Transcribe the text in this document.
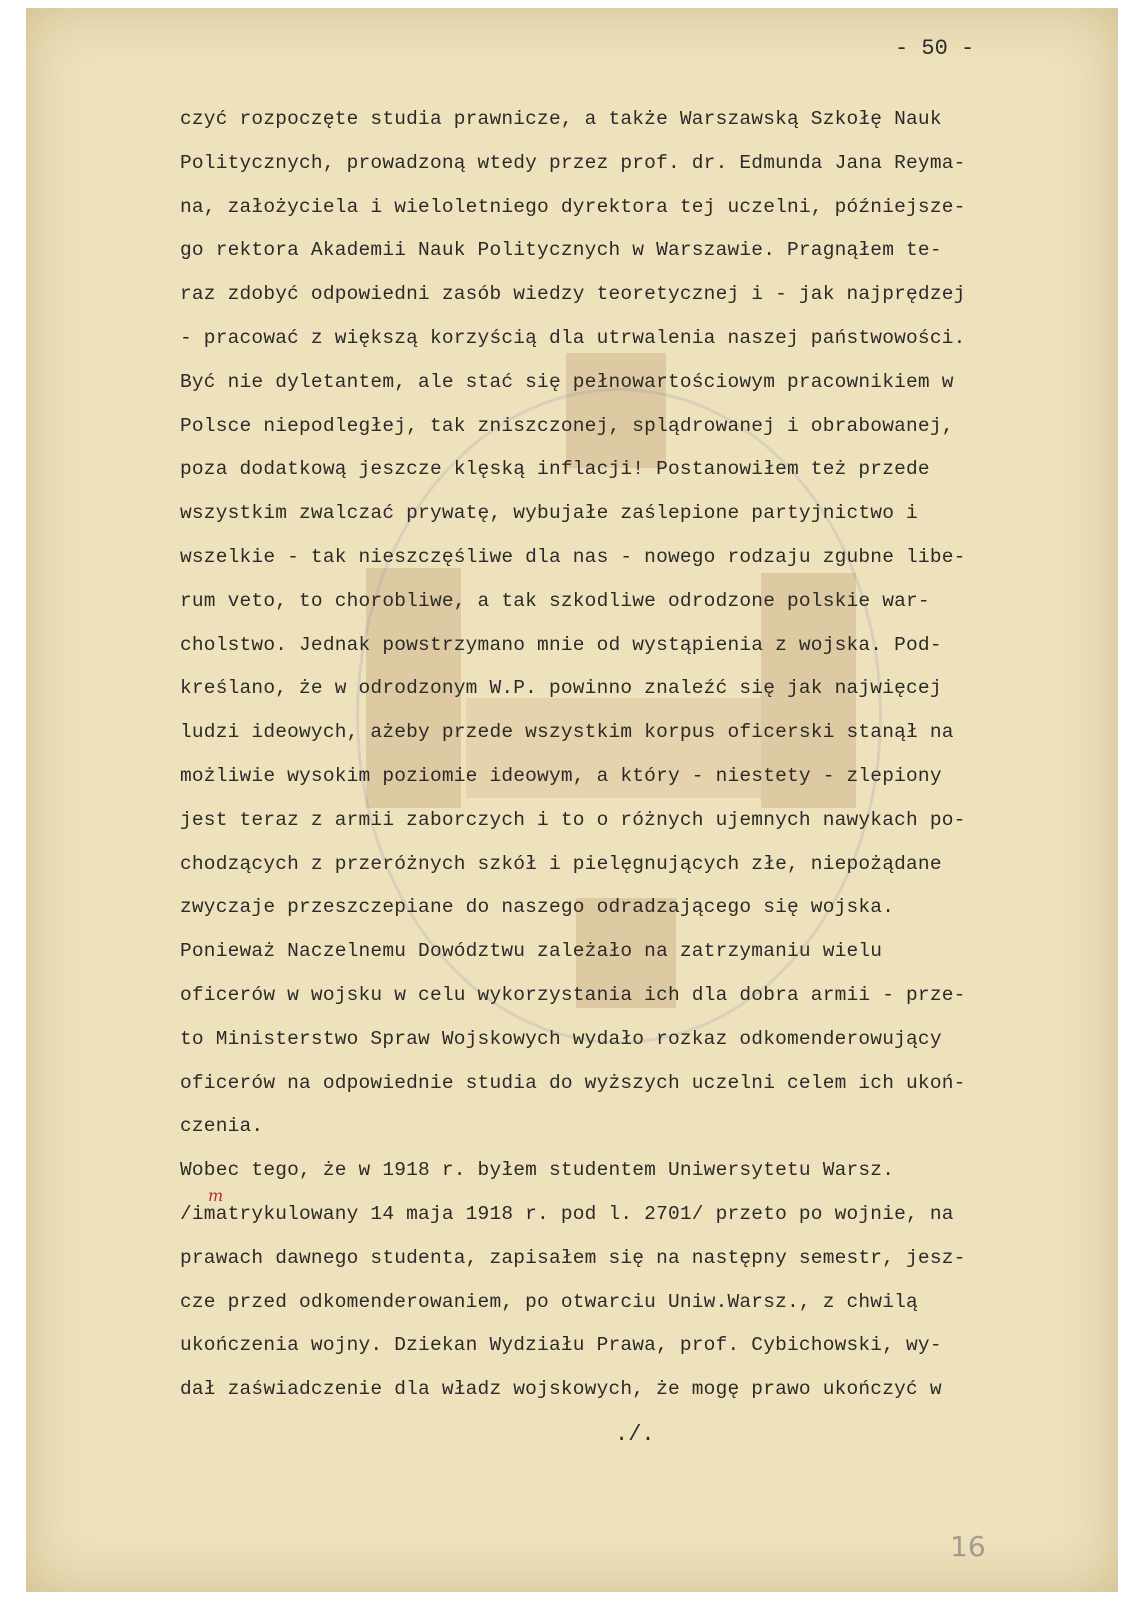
- 50 -
czyć rozpoczęte studia prawnicze, a także Warszawską Szkołę Nauk
Politycznych, prowadzoną wtedy przez prof. dr. Edmunda Jana Reyma-
na, założyciela i wieloletniego dyrektora tej uczelni, późniejsze-
go rektora Akademii Nauk Politycznych w Warszawie. Pragnąłem te-
raz zdobyć odpowiedni zasób wiedzy teoretycznej i - jak najprędzej
- pracować z większą korzyścią dla utrwalenia naszej państwowości.
Być nie dyletantem, ale stać się pełnowartościowym pracownikiem w
Polsce niepodległej, tak zniszczonej, splądrowanej i obrabowanej,
poza dodatkową jeszcze klęską inflacji! Postanowiłem też przede
wszystkim zwalczać prywatę, wybujałe zaślepione partyjnictwo i
wszelkie - tak nieszczęśliwe dla nas - nowego rodzaju zgubne libe-
rum veto, to chorobliwe, a tak szkodliwe odrodzone polskie war-
cholstwo. Jednak powstrzymano mnie od wystąpienia z wojska. Pod-
kreślano, że w odrodzonym W.P. powinno znaleźć się jak najwięcej
ludzi ideowych, ażeby przede wszystkim korpus oficerski stanął na
możliwie wysokim poziomie ideowym, a który - niestety - zlepiony
jest teraz z armii zaborczych i to o różnych ujemnych nawykach po-
chodzących z przeróżnych szkół i pielęgnujących złe, niepożądane
zwyczaje przeszczepiane do naszego odradzającego się wojska.
Ponieważ Naczelnemu Dowództwu zależało na zatrzymaniu wielu
oficerów w wojsku w celu wykorzystania ich dla dobra armii - prze-
to Ministerstwo Spraw Wojskowych wydało rozkaz odkomenderowujący
oficerów na odpowiednie studia do wyższych uczelni celem ich ukoń-
czenia.
Wobec tego, że w 1918 r. byłem studentem Uniwersytetu Warsz.
/imatrykulowany 14 maja 1918 r. pod l. 2701/ przeto po wojnie, na
prawach dawnego studenta, zapisałem się na następny semestr, jesz-
cze przed odkomenderowaniem, po otwarciu Uniw.Warsz., z chwilą
ukończenia wojny. Dziekan Wydziału Prawa, prof. Cybichowski, wy-
dał zaświadczenie dla władz wojskowych, że mogę prawo ukończyć w
m
./.
16
